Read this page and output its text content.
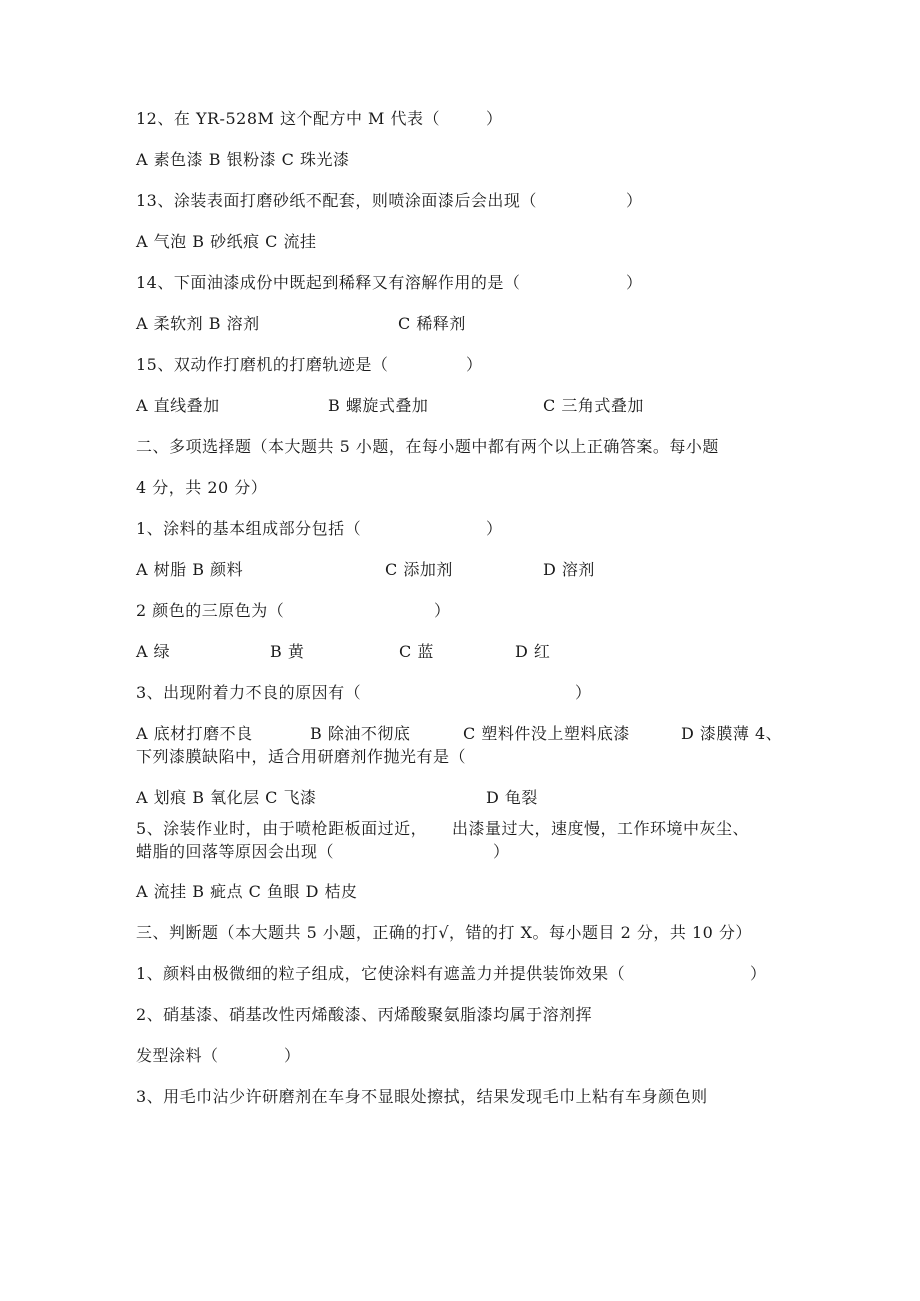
12、在 YR-528M 这个配方中 M 代表（	）
A 素色漆 B 银粉漆 C 珠光漆
13、涂装表面打磨砂纸不配套，则喷涂面漆后会出现（	）
A 气泡 B 砂纸痕 C 流挂
14、下面油漆成份中既起到稀释又有溶解作用的是（	）
A 柔软剂 B 溶剂	C 稀释剂
15、双动作打磨机的打磨轨迹是（	）
A 直线叠加	B 螺旋式叠加	C 三角式叠加
二、多项选择题（本大题共 5 小题，在每小题中都有两个以上正确答案。每小题
4 分，共 20 分）
1、涂料的基本组成部分包括（	）
A 树脂 B 颜料	C 添加剂	D 溶剂
2 颜色的三原色为（	）
A 绿	B 黄	C 蓝	D 红
3、出现附着力不良的原因有（	）
A 底材打磨不良	B 除油不彻底	C 塑料件没上塑料底漆	D 漆膜薄 4、
下列漆膜缺陷中，适合用研磨剂作抛光有是（
A 划痕 B 氧化层 C 飞漆	D 龟裂
5、涂装作业时，由于喷枪距板面过近， 出漆量过大，速度慢，工作环境中灰尘、
蜡脂的回落等原因会出现（	）
A 流挂 B 疵点 C 鱼眼 D 桔皮
三、判断题（本大题共 5 小题，正确的打√，错的打 X。每小题目 2 分，共 10 分）
1、颜料由极微细的粒子组成，它使涂料有遮盖力并提供装饰效果（	）
2、硝基漆、硝基改性丙烯酸漆、丙烯酸聚氨脂漆均属于溶剂挥
发型涂料（	）
3、用毛巾沾少许研磨剂在车身不显眼处擦拭，结果发现毛巾上粘有车身颜色则
